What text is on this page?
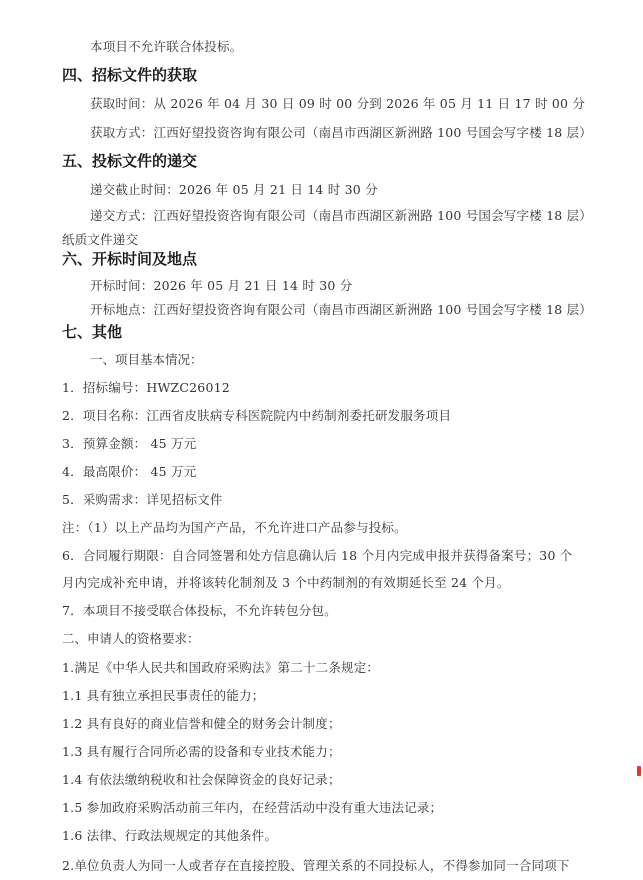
本项目不允许联合体投标。
四、招标文件的获取
获取时间：从 2026 年 04 月 30 日 09 时 00 分到 2026 年 05 月 11 日 17 时 00 分
获取方式：江西好望投资咨询有限公司（南昌市西湖区新洲路 100 号国会写字楼 18 层）
五、投标文件的递交
递交截止时间：2026 年 05 月 21 日 14 时 30 分
递交方式：江西好望投资咨询有限公司（南昌市西湖区新洲路 100 号国会写字楼 18 层）
纸质文件递交
六、开标时间及地点
开标时间：2026 年 05 月 21 日 14 时 30 分
开标地点：江西好望投资咨询有限公司（南昌市西湖区新洲路 100 号国会写字楼 18 层）
七、其他
一、项目基本情况：
1．招标编号：HWZC26012
2．项目名称：江西省皮肤病专科医院院内中药制剂委托研发服务项目
3．预算金额： 45 万元
4．最高限价： 45 万元
5．采购需求：详见招标文件
注：（1）以上产品均为国产产品，不允许进口产品参与投标。
6．合同履行期限：自合同签署和处方信息确认后 18 个月内完成申报并获得备案号；30 个
月内完成补充申请，并将该转化制剂及 3 个中药制剂的有效期延长至 24 个月。
7．本项目不接受联合体投标，不允许转包分包。
二、申请人的资格要求：
1.满足《中华人民共和国政府采购法》第二十二条规定：
1.1 具有独立承担民事责任的能力；
1.2 具有良好的商业信誉和健全的财务会计制度；
1.3 具有履行合同所必需的设备和专业技术能力；
1.4 有依法缴纳税收和社会保障资金的良好记录；
1.5 参加政府采购活动前三年内，在经营活动中没有重大违法记录；
1.6 法律、行政法规规定的其他条件。
2.单位负责人为同一人或者存在直接控股、管理关系的不同投标人，不得参加同一合同项下
